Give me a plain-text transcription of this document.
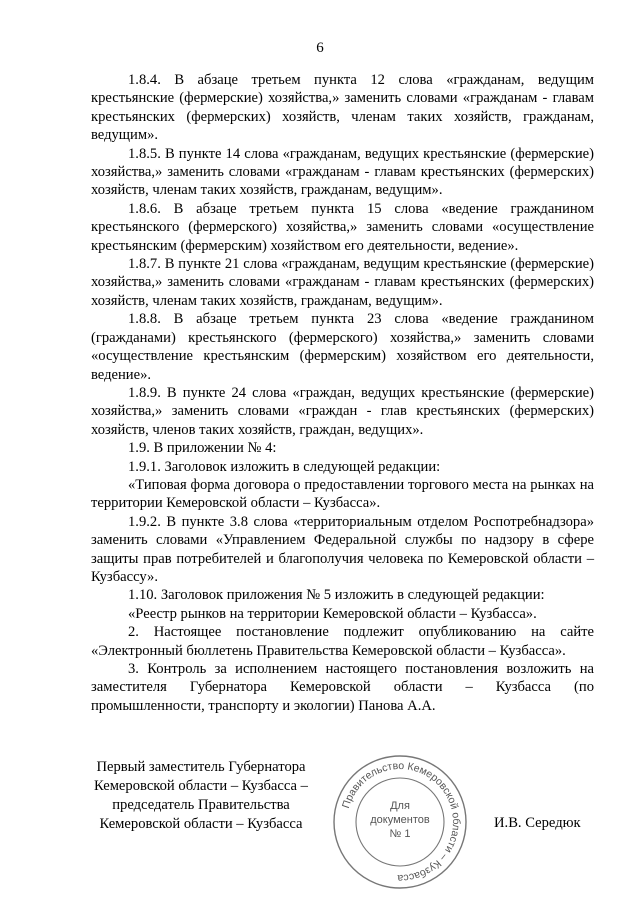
6

1.8.4. В абзаце третьем пункта 12 слова «гражданам, ведущим крестьянские (фермерские) хозяйства,» заменить словами «гражданам - главам крестьянских (фермерских) хозяйств, членам таких хозяйств, гражданам, ведущим».

1.8.5. В пункте 14 слова «гражданам, ведущих крестьянские (фермерские) хозяйства,» заменить словами «гражданам - главам крестьянских (фермерских) хозяйств, членам таких хозяйств, гражданам, ведущим».

1.8.6. В абзаце третьем пункта 15 слова «ведение гражданином крестьянского (фермерского) хозяйства,» заменить словами «осуществление крестьянским (фермерским) хозяйством его деятельности, ведение».

1.8.7. В пункте 21 слова «гражданам, ведущим крестьянские (фермерские) хозяйства,» заменить словами «гражданам - главам крестьянских (фермерских) хозяйств, членам таких хозяйств, гражданам, ведущим».

1.8.8. В абзаце третьем пункта 23 слова «ведение гражданином (гражданами) крестьянского (фермерского) хозяйства,» заменить словами «осуществление крестьянским (фермерским) хозяйством его деятельности, ведение».

1.8.9. В пункте 24 слова «граждан, ведущих крестьянские (фермерские) хозяйства,» заменить словами «граждан - глав крестьянских (фермерских) хозяйств, членов таких хозяйств, граждан, ведущих».

1.9. В приложении № 4:

1.9.1. Заголовок изложить в следующей редакции:

«Типовая форма договора о предоставлении торгового места на рынках на территории Кемеровской области – Кузбасса».

1.9.2. В пункте 3.8 слова «территориальным отделом Роспотребнадзора» заменить словами «Управлением Федеральной службы по надзору в сфере защиты прав потребителей и благополучия человека по Кемеровской области – Кузбассу».

1.10. Заголовок приложения № 5 изложить в следующей редакции:

«Реестр рынков на территории Кемеровской области – Кузбасса».

2. Настоящее постановление подлежит опубликованию на сайте «Электронный бюллетень Правительства Кемеровской области – Кузбасса».

3. Контроль за исполнением настоящего постановления возложить на заместителя Губернатора Кемеровской области – Кузбасса (по промышленности, транспорту и экологии) Панова А.А.

Первый заместитель Губернатора
Кемеровской области – Кузбасса –
председатель Правительства
Кемеровской области – Кузбасса
Правительство Кемеровской области – Кузбасса
Для
документов
№ 1
И.В. Середюк
